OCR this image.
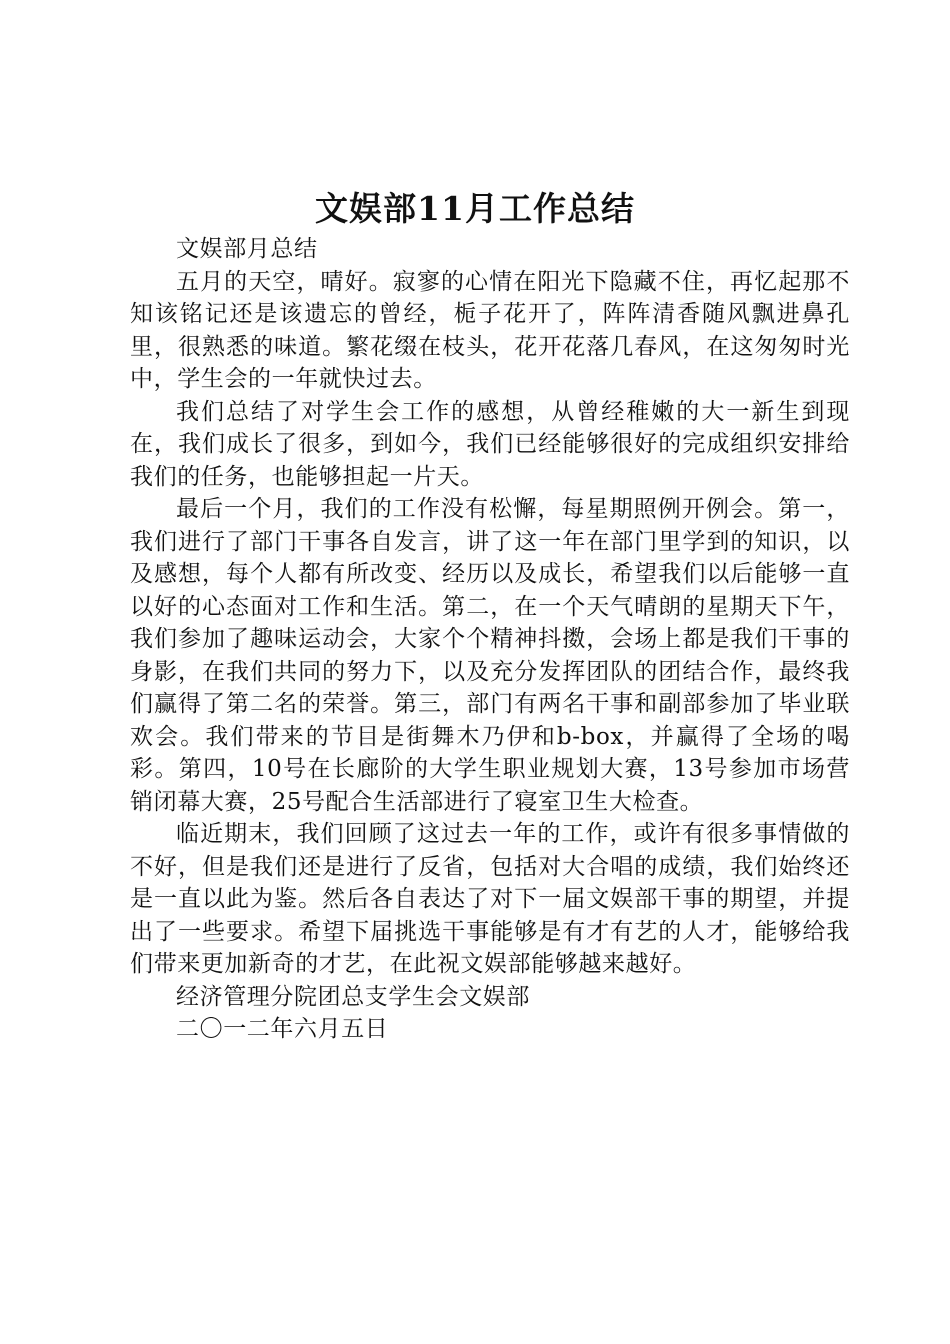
文娱部11月工作总结

文娱部月总结

五月的天空，晴好。寂寥的心情在阳光下隐藏不住，再忆起那不知该铭记还是该遗忘的曾经，栀子花开了，阵阵清香随风飘进鼻孔里，很熟悉的味道。繁花缀在枝头，花开花落几春风，在这匆匆时光中，学生会的一年就快过去。

我们总结了对学生会工作的感想，从曾经稚嫩的大一新生到现在，我们成长了很多，到如今，我们已经能够很好的完成组织安排给我们的任务，也能够担起一片天。

最后一个月，我们的工作没有松懈，每星期照例开例会。第一，我们进行了部门干事各自发言，讲了这一年在部门里学到的知识，以及感想，每个人都有所改变、经历以及成长，希望我们以后能够一直以好的心态面对工作和生活。第二，在一个天气晴朗的星期天下午，我们参加了趣味运动会，大家个个精神抖擞，会场上都是我们干事的身影，在我们共同的努力下，以及充分发挥团队的团结合作，最终我们赢得了第二名的荣誉。第三，部门有两名干事和副部参加了毕业联欢会。我们带来的节目是街舞木乃伊和b-box，并赢得了全场的喝彩。第四，10号在长廊阶的大学生职业规划大赛，13号参加市场营销闭幕大赛，25号配合生活部进行了寝室卫生大检查。

临近期末，我们回顾了这过去一年的工作，或许有很多事情做的不好，但是我们还是进行了反省，包括对大合唱的成绩，我们始终还是一直以此为鉴。然后各自表达了对下一届文娱部干事的期望，并提出了一些要求。希望下届挑选干事能够是有才有艺的人才，能够给我们带来更加新奇的才艺，在此祝文娱部能够越来越好。

经济管理分院团总支学生会文娱部

二〇一二年六月五日
